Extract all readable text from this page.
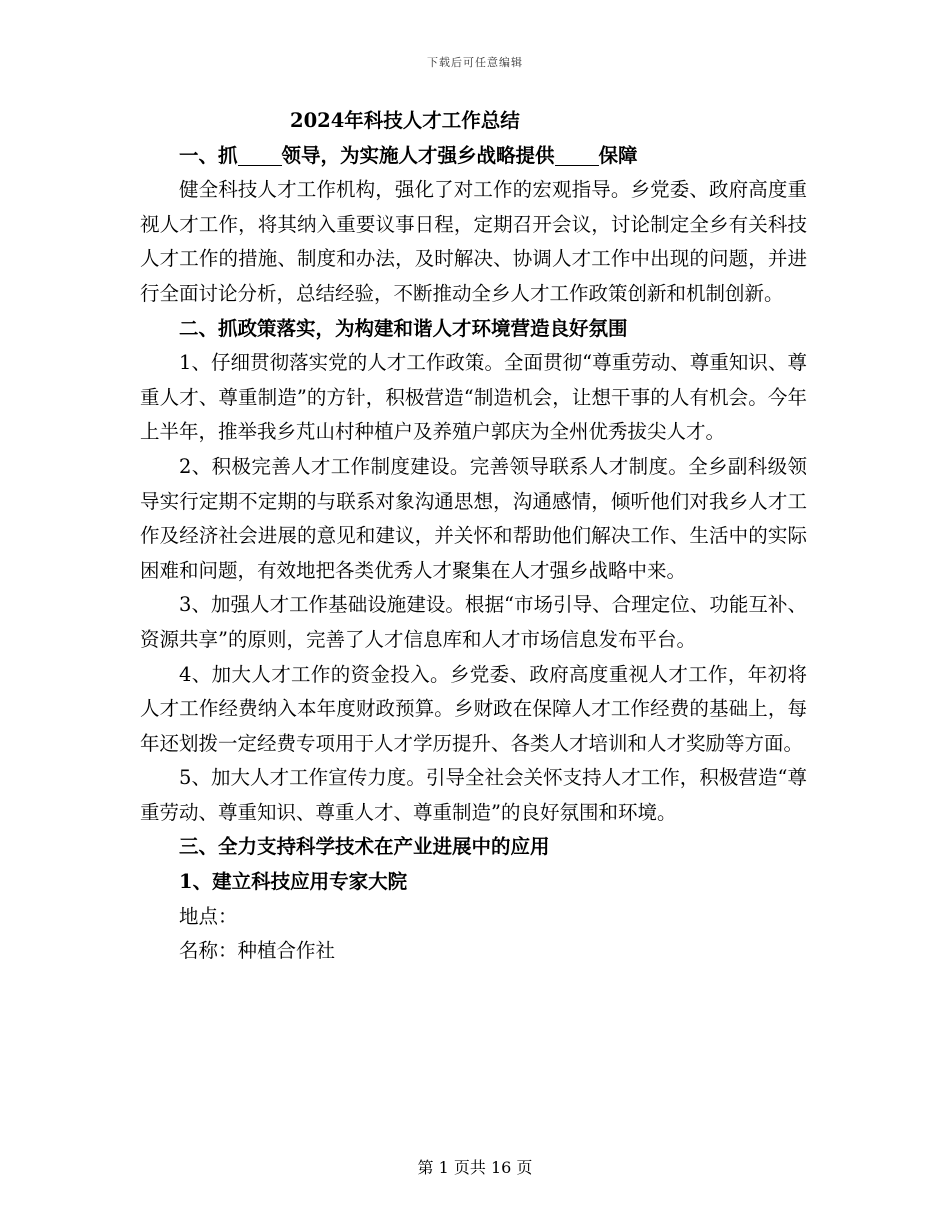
下载后可任意编辑

2024年科技人才工作总结

一、抓 领导，为实施人才强乡战略提供 保障

健全科技人才工作机构，强化了对工作的宏观指导。乡党委、政府高度重视人才工作，将其纳入重要议事日程，定期召开会议，讨论制定全乡有关科技人才工作的措施、制度和办法，及时解决、协调人才工作中出现的问题，并进行全面讨论分析，总结经验，不断推动全乡人才工作政策创新和机制创新。

二、抓政策落实，为构建和谐人才环境营造良好氛围

1、仔细贯彻落实党的人才工作政策。全面贯彻“尊重劳动、尊重知识、尊重人才、尊重制造”的方针，积极营造“制造机会，让想干事的人有机会。今年上半年，推举我乡芃山村种植户及养殖户郭庆为全州优秀拔尖人才。

2、积极完善人才工作制度建设。完善领导联系人才制度。全乡副科级领导实行定期不定期的与联系对象沟通思想，沟通感情，倾听他们对我乡人才工作及经济社会进展的意见和建议，并关怀和帮助他们解决工作、生活中的实际困难和问题，有效地把各类优秀人才聚集在人才强乡战略中来。

3、加强人才工作基础设施建设。根据“市场引导、合理定位、功能互补、资源共享”的原则，完善了人才信息库和人才市场信息发布平台。

4、加大人才工作的资金投入。乡党委、政府高度重视人才工作，年初将人才工作经费纳入本年度财政预算。乡财政在保障人才工作经费的基础上，每年还划拨一定经费专项用于人才学历提升、各类人才培训和人才奖励等方面。

5、加大人才工作宣传力度。引导全社会关怀支持人才工作，积极营造“尊重劳动、尊重知识、尊重人才、尊重制造”的良好氛围和环境。

三、全力支持科学技术在产业进展中的应用

1、建立科技应用专家大院

地点：

名称：种植合作社

第 1 页共 16 页
